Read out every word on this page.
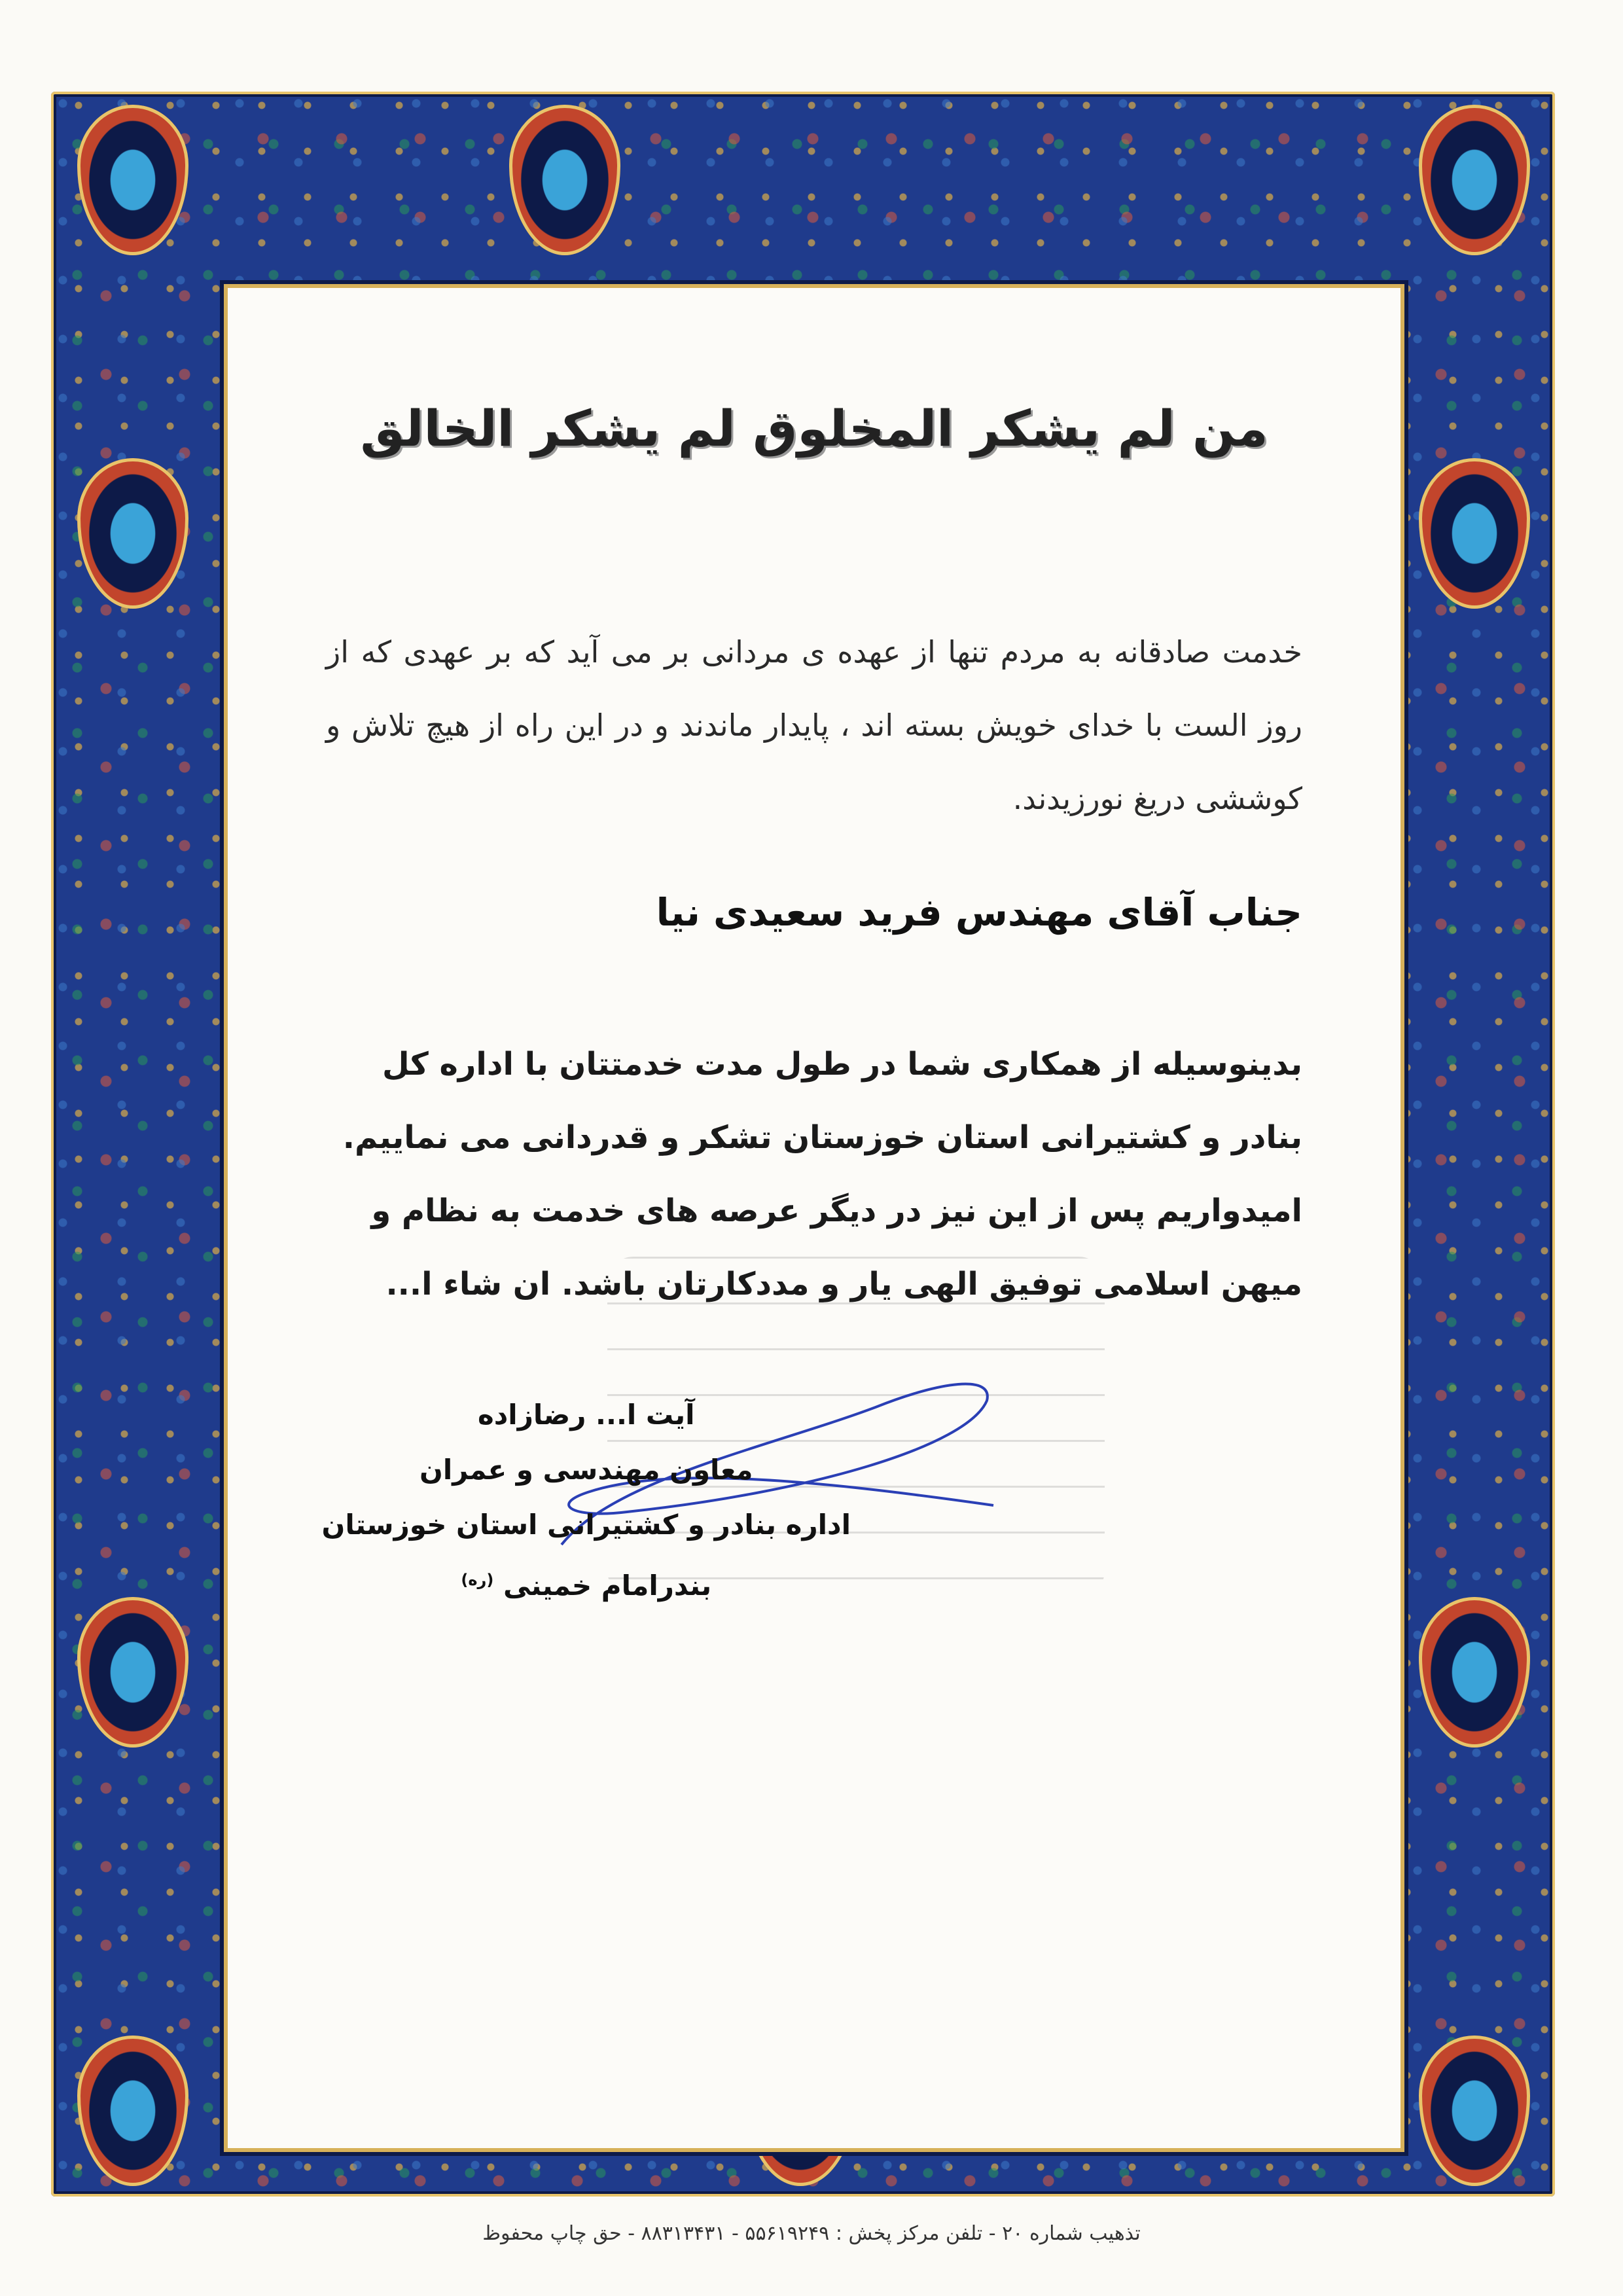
من لم يشكر المخلوق لم يشكر الخالق
خدمت صادقانه به مردم تنها از عهده ی مردانی بر می آید که بر عهدی که از روز الست با خدای خویش بسته اند ، پایدار ماندند و در این راه از هیچ تلاش و کوششی دریغ نورزیدند.
جناب آقای مهندس فرید سعیدی نیا
بدینوسیله از همکاری شما در طول مدت خدمتتان با اداره کل بنادر و کشتیرانی استان خوزستان تشکر و قدردانی می نماییم. امیدواریم پس از این نیز در دیگر عرصه های خدمت به نظام و میهن اسلامی توفیق الهی یار و مددکارتان باشد. ان شاء ا...
آیت ا... رضازاده
معاون مهندسی و عمران
اداره بنادر و کشتیرانی استان خوزستان
بندرامام خمینی $^{(ره)}$
تذهیب شماره ۲۰ - تلفن مرکز پخش : ۵۵۶۱۹۲۴۹ - ۸۸۳۱۳۴۳۱ - حق چاپ محفوظ
